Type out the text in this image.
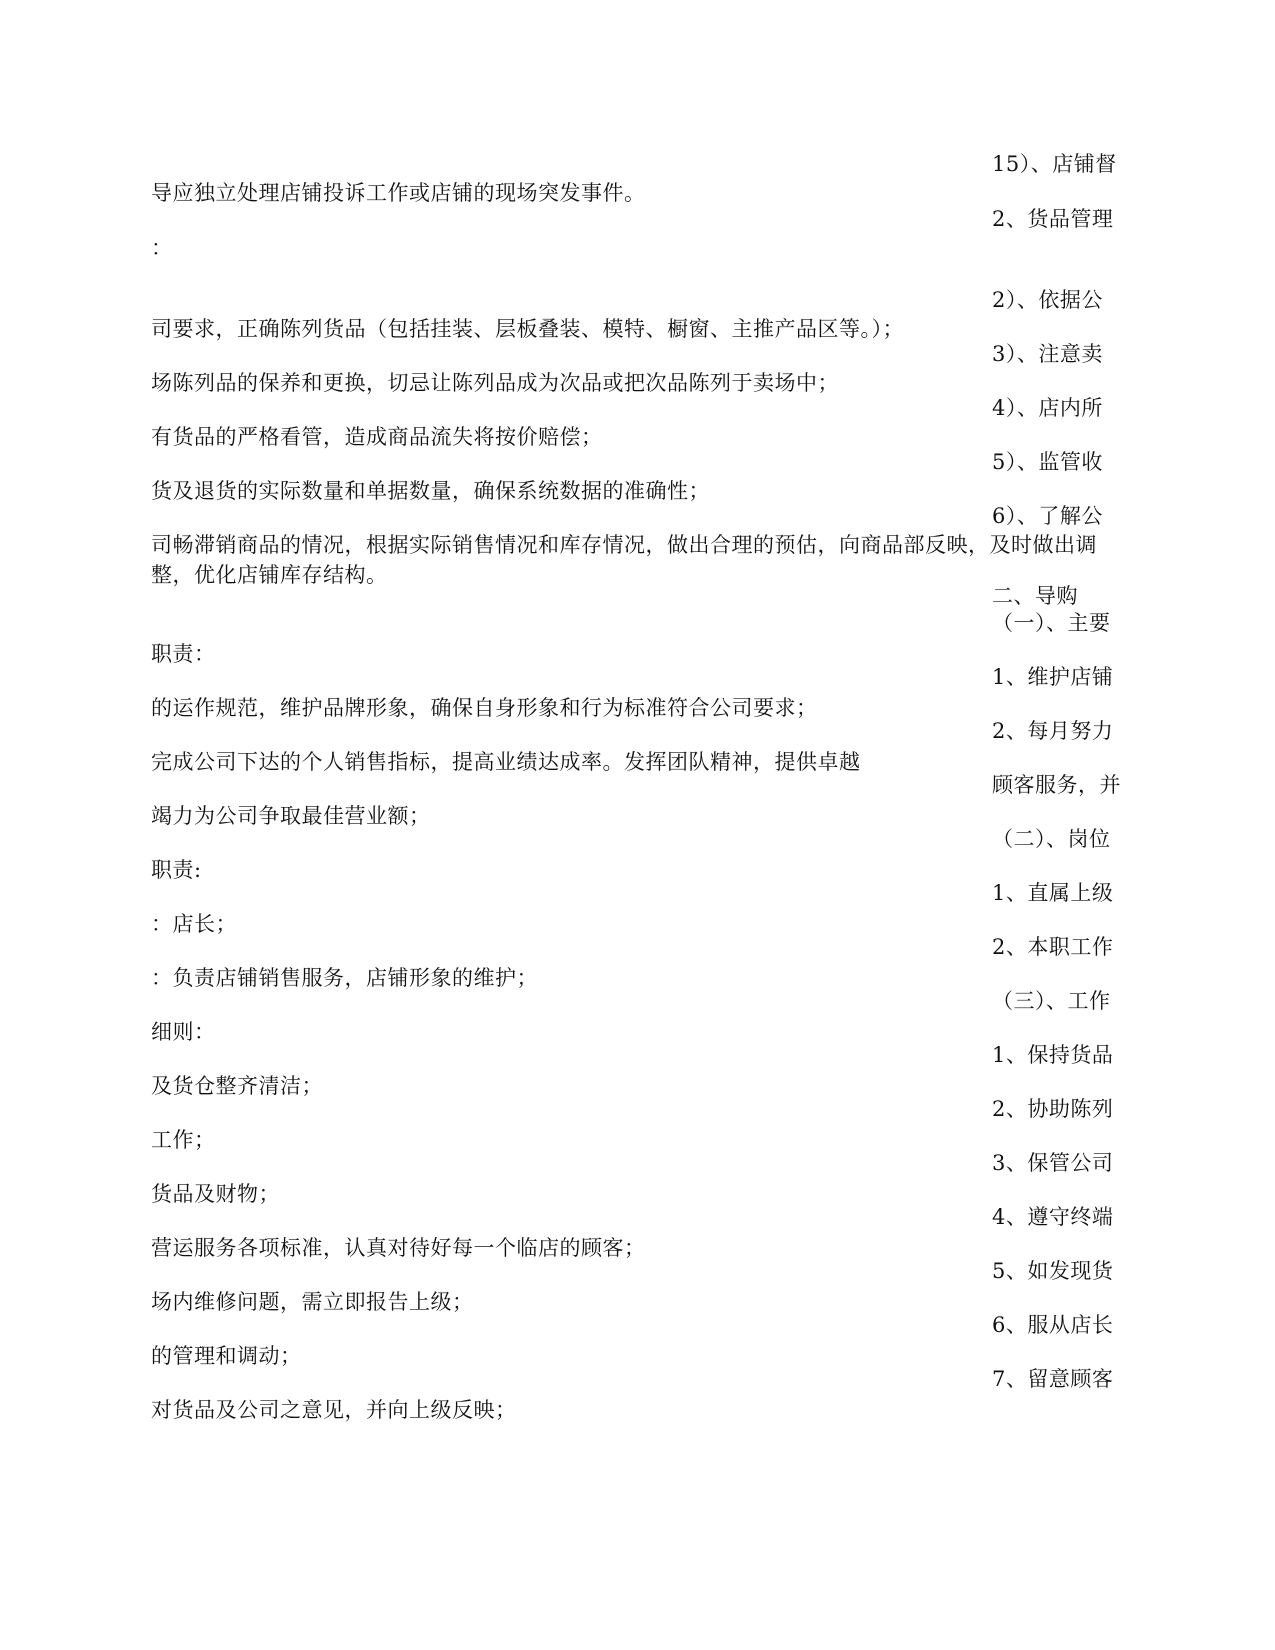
导应独立处理店铺投诉工作或店铺的现场突发事件。
：
司要求，正确陈列货品（包括挂装、层板叠装、模特、橱窗、主推产品区等。）；
场陈列品的保养和更换，切忌让陈列品成为次品或把次品陈列于卖场中；
有货品的严格看管，造成商品流失将按价赔偿；
货及退货的实际数量和单据数量，确保系统数据的准确性；
司畅滞销商品的情况，根据实际销售情况和库存情况，做出合理的预估，向商品部反映，及时做出调
整，优化店铺库存结构。
职责：
的运作规范，维护品牌形象，确保自身形象和行为标准符合公司要求；
完成公司下达的个人销售指标，提高业绩达成率。发挥团队精神，提供卓越
竭力为公司争取最佳营业额；
职责:
：店长；
：负责店铺销售服务，店铺形象的维护；
细则：
及货仓整齐清洁；
工作；
货品及财物；
营运服务各项标准，认真对待好每一个临店的顾客；
场内维修问题，需立即报告上级；
的管理和调动；
对货品及公司之意见，并向上级反映；
15）、店铺督
2、货品管理
2）、依据公
3）、注意卖
4）、店内所
5）、监管收
6）、了解公
二、导购
（一）、主要
1、维护店铺
2、每月努力
顾客服务，并
（二）、岗位
1、直属上级
2、本职工作
（三）、工作
1、保持货品
2、协助陈列
3、保管公司
4、遵守终端
5、如发现货
6、服从店长
7、留意顾客
